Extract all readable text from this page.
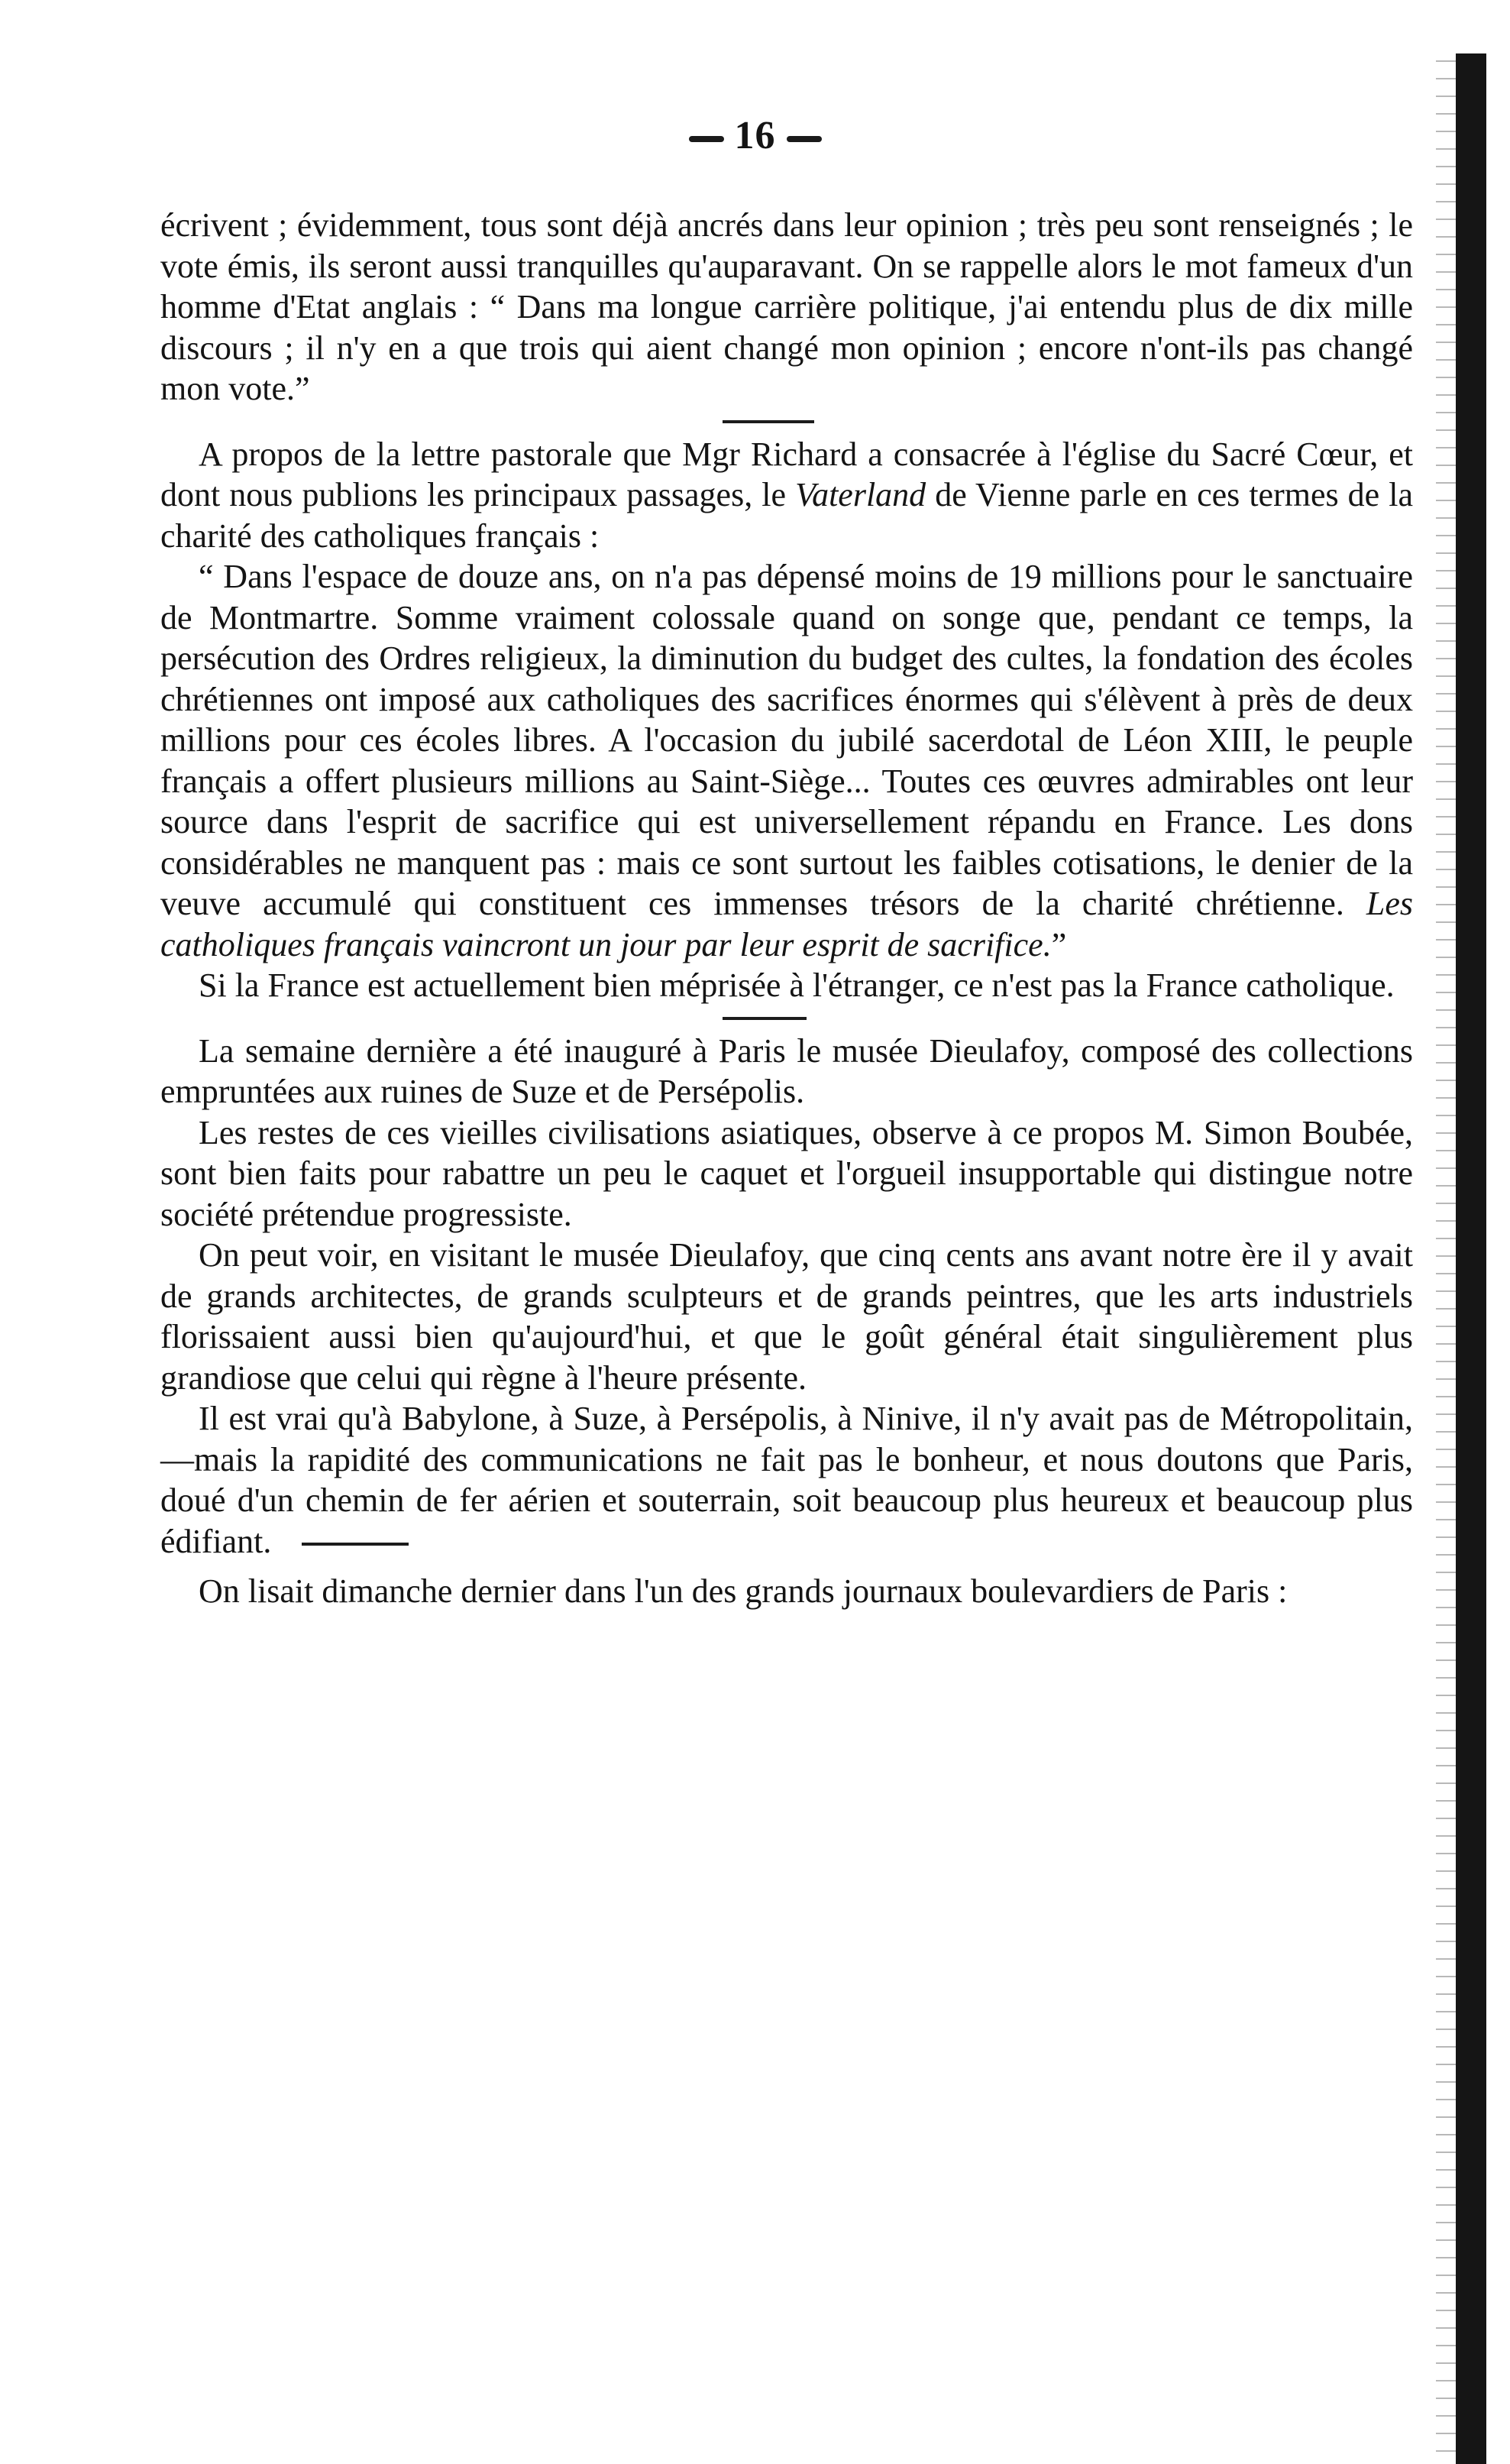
16

écrivent ; évidemment, tous sont déjà ancrés dans leur opinion ; très peu sont renseignés ; le vote émis, ils seront aussi tranquilles qu'auparavant. On se rappelle alors le mot fameux d'un homme d'Etat anglais : “ Dans ma longue carrière politique, j'ai entendu plus de dix mille discours ; il n'y en a que trois qui aient changé mon opinion ; encore n'ont-ils pas changé mon vote.”

A propos de la lettre pastorale que Mgr Richard a consacrée à l'église du Sacré Cœur, et dont nous publions les principaux passages, le Vaterland de Vienne parle en ces termes de la charité des catholiques français :

“ Dans l'espace de douze ans, on n'a pas dépensé moins de 19 millions pour le sanctuaire de Montmartre. Somme vraiment colossale quand on songe que, pendant ce temps, la persécution des Ordres religieux, la diminution du budget des cultes, la fondation des écoles chrétiennes ont imposé aux catholiques des sacrifices énormes qui s'élèvent à près de deux millions pour ces écoles libres. A l'occasion du jubilé sacerdotal de Léon XIII, le peuple français a offert plusieurs millions au Saint-Siège... Toutes ces œuvres admirables ont leur source dans l'esprit de sacrifice qui est universellement répandu en France. Les dons considérables ne manquent pas : mais ce sont surtout les faibles cotisations, le denier de la veuve accumulé qui constituent ces immenses trésors de la charité chrétienne. Les catholiques français vaincront un jour par leur esprit de sacrifice.”

Si la France est actuellement bien méprisée à l'étranger, ce n'est pas la France catholique.

La semaine dernière a été inauguré à Paris le musée Dieulafoy, composé des collections empruntées aux ruines de Suze et de Persépolis.

Les restes de ces vieilles civilisations asiatiques, observe à ce propos M. Simon Boubée, sont bien faits pour rabattre un peu le caquet et l'orgueil insupportable qui distingue notre société prétendue progressiste.

On peut voir, en visitant le musée Dieulafoy, que cinq cents ans avant notre ère il y avait de grands architectes, de grands sculpteurs et de grands peintres, que les arts industriels florissaient aussi bien qu'aujourd'hui, et que le goût général était singulièrement plus grandiose que celui qui règne à l'heure présente.

Il est vrai qu'à Babylone, à Suze, à Persépolis, à Ninive, il n'y avait pas de Métropolitain,—mais la rapidité des communications ne fait pas le bonheur, et nous doutons que Paris, doué d'un chemin de fer aérien et souterrain, soit beaucoup plus heureux et beaucoup plus édifiant.

On lisait dimanche dernier dans l'un des grands journaux boulevardiers de Paris :
